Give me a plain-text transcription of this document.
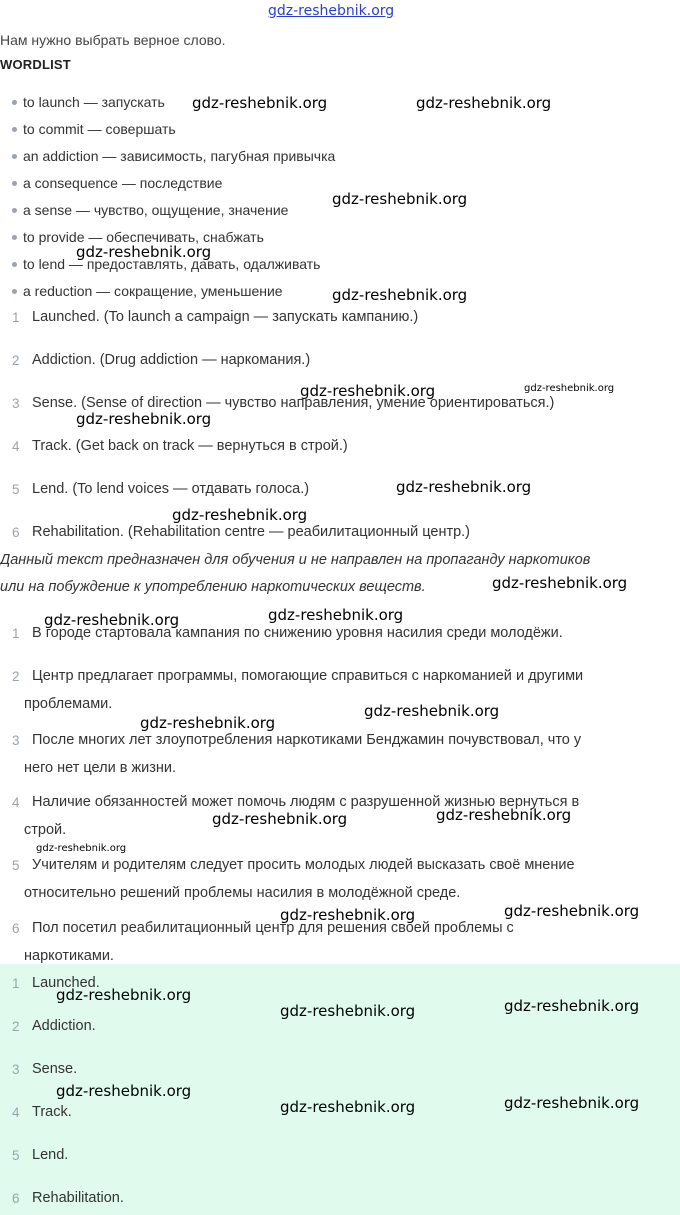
gdz-reshebnik.org
Нам нужно выбрать верное слово.
WORDLIST
to launch — запускать
to commit — совершать
an addiction — зависимость, пагубная привычка
a consequence — последствие
a sense — чувство, ощущение, значение
to provide — обеспечивать, снабжать
to lend — предоставлять, давать, одалживать
a reduction — сокращение, уменьшение
1 Launched. (To launch a campaign — запускать кампанию.)
2 Addiction. (Drug addiction — наркомания.)
3 Sense. (Sense of direction — чувство направления, умение ориентироваться.)
4 Track. (Get back on track — вернуться в строй.)
5 Lend. (To lend voices — отдавать голоса.)
6 Rehabilitation. (Rehabilitation centre — реабилитационный центр.)
Данный текст предназначен для обучения и не направлен на пропаганду наркотиков
или на побуждение к употреблению наркотических веществ.
1 В городе стартовала кампания по снижению уровня насилия среди молодёжи.
2 Центр предлагает программы, помогающие справиться с наркоманией и другими
проблемами.
3 После многих лет злоупотребления наркотиками Бенджамин почувствовал, что у
него нет цели в жизни.
4 Наличие обязанностей может помочь людям с разрушенной жизнью вернуться в
строй.
5 Учителям и родителям следует просить молодых людей высказать своё мнение
относительно решений проблемы насилия в молодёжной среде.
6 Пол посетил реабилитационный центр для решения своей проблемы с
наркотиками.
1 Launched.
2 Addiction.
3 Sense.
4 Track.
5 Lend.
6 Rehabilitation.
gdz-reshebnik.org	gdz-reshebnik.org
gdz-reshebnik.org
gdz-reshebnik.org
gdz-reshebnik.org
gdz-reshebnik.org	gdz-reshebnik.org
gdz-reshebnik.org
gdz-reshebnik.org
gdz-reshebnik.org
gdz-reshebnik.org
gdz-reshebnik.org	gdz-reshebnik.org
gdz-reshebnik.org
gdz-reshebnik.org
gdz-reshebnik.org	gdz-reshebnik.org
gdz-reshebnik.org
gdz-reshebnik.org	gdz-reshebnik.org
gdz-reshebnik.org
gdz-reshebnik.org	gdz-reshebnik.org
gdz-reshebnik.org
gdz-reshebnik.org	gdz-reshebnik.org
